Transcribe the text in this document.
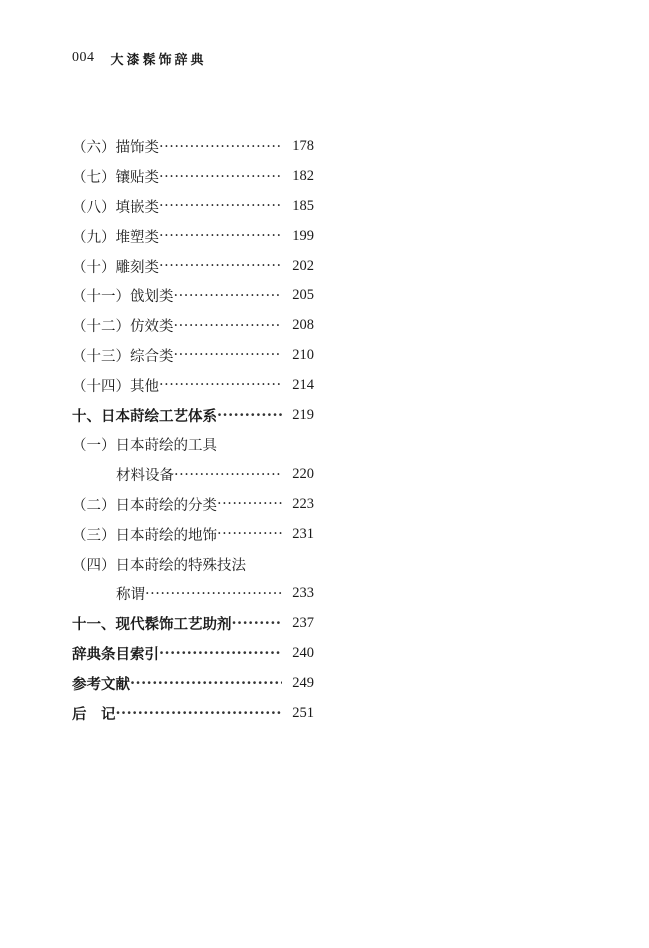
004 大漆髹饰辞典
（六）描饰类 ·····	178
（七）镶贴类 ·····	182
（八）填嵌类 ·····	185
（九）堆塑类 ·····	199
（十）雕刻类 ·····	202
（十一）戗划类 ·····	205
（十二）仿效类 ·····	208
（十三）综合类 ·····	210
（十四）其他 ·····	214
十、日本莳绘工艺体系 ·····	219
（一）日本莳绘的工具
材料设备 ·····	220
（二）日本莳绘的分类 ·····	223
（三）日本莳绘的地饰 ·····	231
（四）日本莳绘的特殊技法
称谓 ·····	233
十一、现代髹饰工艺助剂 ·····	237
辞典条目索引 ·····	240
参考文献 ·····	249
后　记 ·····	251
